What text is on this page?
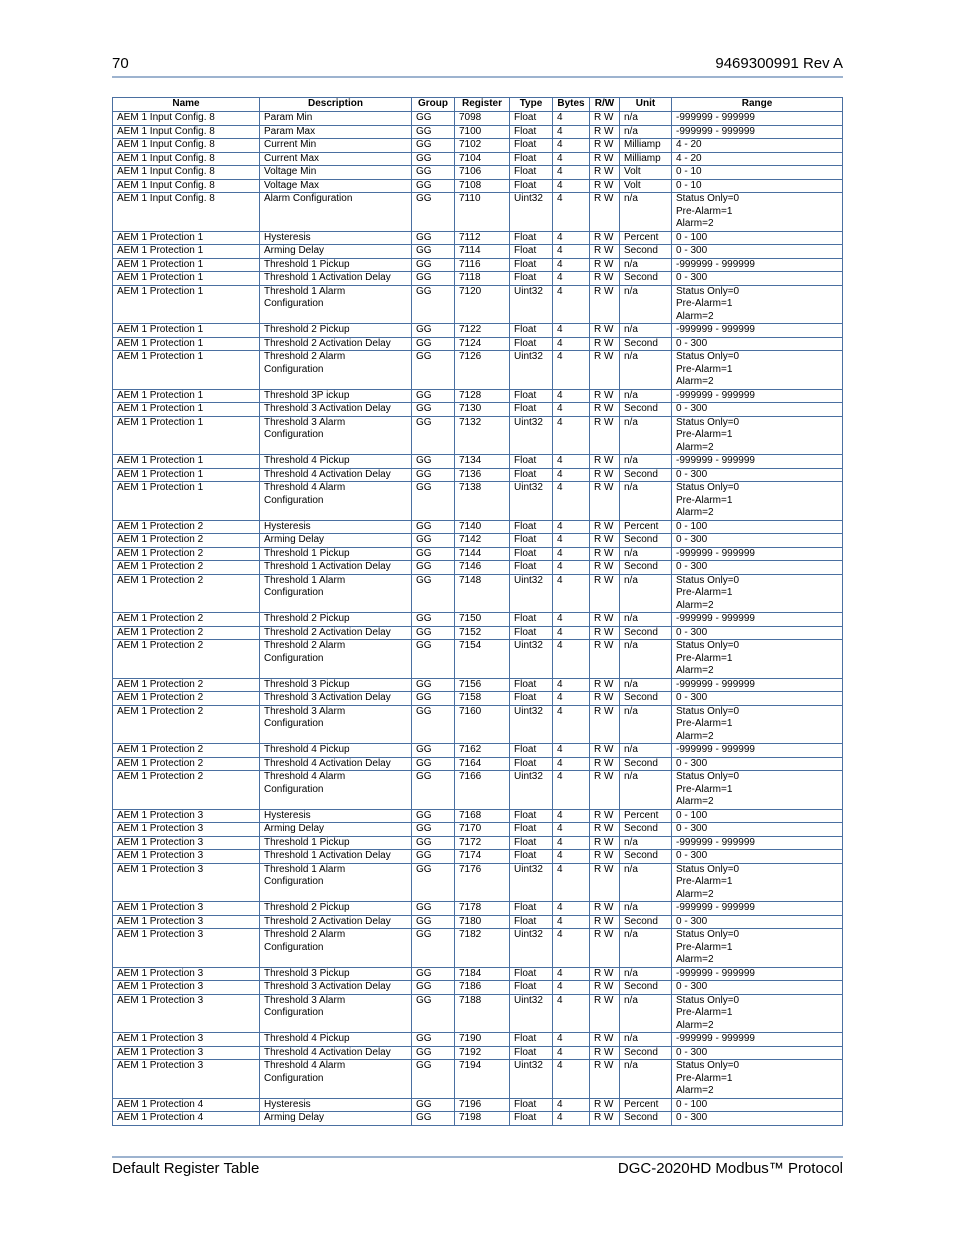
70	9469300991 Rev A
Name	Description	Group	Register	Type	Bytes	R/W	Unit	Range
AEM 1 Input Config. 8	Param Min	GG	7098	Float	4	R W	n/a	-999999 - 999999
AEM 1 Input Config. 8	Param Max	GG	7100	Float	4	R W	n/a	-999999 - 999999
AEM 1 Input Config. 8	Current Min	GG	7102	Float	4	R W	Milliamp	4 - 20
AEM 1 Input Config. 8	Current Max	GG	7104	Float	4	R W	Milliamp	4 - 20
AEM 1 Input Config. 8	Voltage Min	GG	7106	Float	4	R W	Volt	0 - 10
AEM 1 Input Config. 8	Voltage Max	GG	7108	Float	4	R W	Volt	0 - 10
AEM 1 Input Config. 8	Alarm Configuration	GG	7110	Uint32	4	R W	n/a	Status Only=0
Pre-Alarm=1
Alarm=2
AEM 1 Protection 1	Hysteresis	GG	7112	Float	4	R W	Percent	0 - 100
AEM 1 Protection 1	Arming Delay	GG	7114	Float	4	R W	Second	0 - 300
AEM 1 Protection 1	Threshold 1 Pickup	GG	7116	Float	4	R W	n/a	-999999 - 999999
AEM 1 Protection 1	Threshold 1 Activation Delay	GG	7118	Float	4	R W	Second	0 - 300
AEM 1 Protection 1	Threshold 1 Alarm Configuration	GG	7120	Uint32	4	R W	n/a	Status Only=0
Pre-Alarm=1
Alarm=2
AEM 1 Protection 1	Threshold 2 Pickup	GG	7122	Float	4	R W	n/a	-999999 - 999999
AEM 1 Protection 1	Threshold 2 Activation Delay	GG	7124	Float	4	R W	Second	0 - 300
AEM 1 Protection 1	Threshold 2 Alarm Configuration	GG	7126	Uint32	4	R W	n/a	Status Only=0
Pre-Alarm=1
Alarm=2
AEM 1 Protection 1	Threshold 3P ickup	GG	7128	Float	4	R W	n/a	-999999 - 999999
AEM 1 Protection 1	Threshold 3 Activation Delay	GG	7130	Float	4	R W	Second	0 - 300
AEM 1 Protection 1	Threshold 3 Alarm Configuration	GG	7132	Uint32	4	R W	n/a	Status Only=0
Pre-Alarm=1
Alarm=2
AEM 1 Protection 1	Threshold 4 Pickup	GG	7134	Float	4	R W	n/a	-999999 - 999999
AEM 1 Protection 1	Threshold 4 Activation Delay	GG	7136	Float	4	R W	Second	0 - 300
AEM 1 Protection 1	Threshold 4 Alarm Configuration	GG	7138	Uint32	4	R W	n/a	Status Only=0
Pre-Alarm=1
Alarm=2
AEM 1 Protection 2	Hysteresis	GG	7140	Float	4	R W	Percent	0 - 100
AEM 1 Protection 2	Arming Delay	GG	7142	Float	4	R W	Second	0 - 300
AEM 1 Protection 2	Threshold 1 Pickup	GG	7144	Float	4	R W	n/a	-999999 - 999999
AEM 1 Protection 2	Threshold 1 Activation Delay	GG	7146	Float	4	R W	Second	0 - 300
AEM 1 Protection 2	Threshold 1 Alarm Configuration	GG	7148	Uint32	4	R W	n/a	Status Only=0
Pre-Alarm=1
Alarm=2
AEM 1 Protection 2	Threshold 2 Pickup	GG	7150	Float	4	R W	n/a	-999999 - 999999
AEM 1 Protection 2	Threshold 2 Activation Delay	GG	7152	Float	4	R W	Second	0 - 300
AEM 1 Protection 2	Threshold 2 Alarm Configuration	GG	7154	Uint32	4	R W	n/a	Status Only=0
Pre-Alarm=1
Alarm=2
AEM 1 Protection 2	Threshold 3 Pickup	GG	7156	Float	4	R W	n/a	-999999 - 999999
AEM 1 Protection 2	Threshold 3 Activation Delay	GG	7158	Float	4	R W	Second	0 - 300
AEM 1 Protection 2	Threshold 3 Alarm Configuration	GG	7160	Uint32	4	R W	n/a	Status Only=0
Pre-Alarm=1
Alarm=2
AEM 1 Protection 2	Threshold 4 Pickup	GG	7162	Float	4	R W	n/a	-999999 - 999999
AEM 1 Protection 2	Threshold 4 Activation Delay	GG	7164	Float	4	R W	Second	0 - 300
AEM 1 Protection 2	Threshold 4 Alarm Configuration	GG	7166	Uint32	4	R W	n/a	Status Only=0
Pre-Alarm=1
Alarm=2
AEM 1 Protection 3	Hysteresis	GG	7168	Float	4	R W	Percent	0 - 100
AEM 1 Protection 3	Arming Delay	GG	7170	Float	4	R W	Second	0 - 300
AEM 1 Protection 3	Threshold 1 Pickup	GG	7172	Float	4	R W	n/a	-999999 - 999999
AEM 1 Protection 3	Threshold 1 Activation Delay	GG	7174	Float	4	R W	Second	0 - 300
AEM 1 Protection 3	Threshold 1 Alarm Configuration	GG	7176	Uint32	4	R W	n/a	Status Only=0
Pre-Alarm=1
Alarm=2
AEM 1 Protection 3	Threshold 2 Pickup	GG	7178	Float	4	R W	n/a	-999999 - 999999
AEM 1 Protection 3	Threshold 2 Activation Delay	GG	7180	Float	4	R W	Second	0 - 300
AEM 1 Protection 3	Threshold 2 Alarm Configuration	GG	7182	Uint32	4	R W	n/a	Status Only=0
Pre-Alarm=1
Alarm=2
AEM 1 Protection 3	Threshold 3 Pickup	GG	7184	Float	4	R W	n/a	-999999 - 999999
AEM 1 Protection 3	Threshold 3 Activation Delay	GG	7186	Float	4	R W	Second	0 - 300
AEM 1 Protection 3	Threshold 3 Alarm Configuration	GG	7188	Uint32	4	R W	n/a	Status Only=0
Pre-Alarm=1
Alarm=2
AEM 1 Protection 3	Threshold 4 Pickup	GG	7190	Float	4	R W	n/a	-999999 - 999999
AEM 1 Protection 3	Threshold 4 Activation Delay	GG	7192	Float	4	R W	Second	0 - 300
AEM 1 Protection 3	Threshold 4 Alarm Configuration	GG	7194	Uint32	4	R W	n/a	Status Only=0
Pre-Alarm=1
Alarm=2
AEM 1 Protection 4	Hysteresis	GG	7196	Float	4	R W	Percent	0 - 100
AEM 1 Protection 4	Arming Delay	GG	7198	Float	4	R W	Second	0 - 300
Default Register Table	DGC-2020HD Modbus™ Protocol
